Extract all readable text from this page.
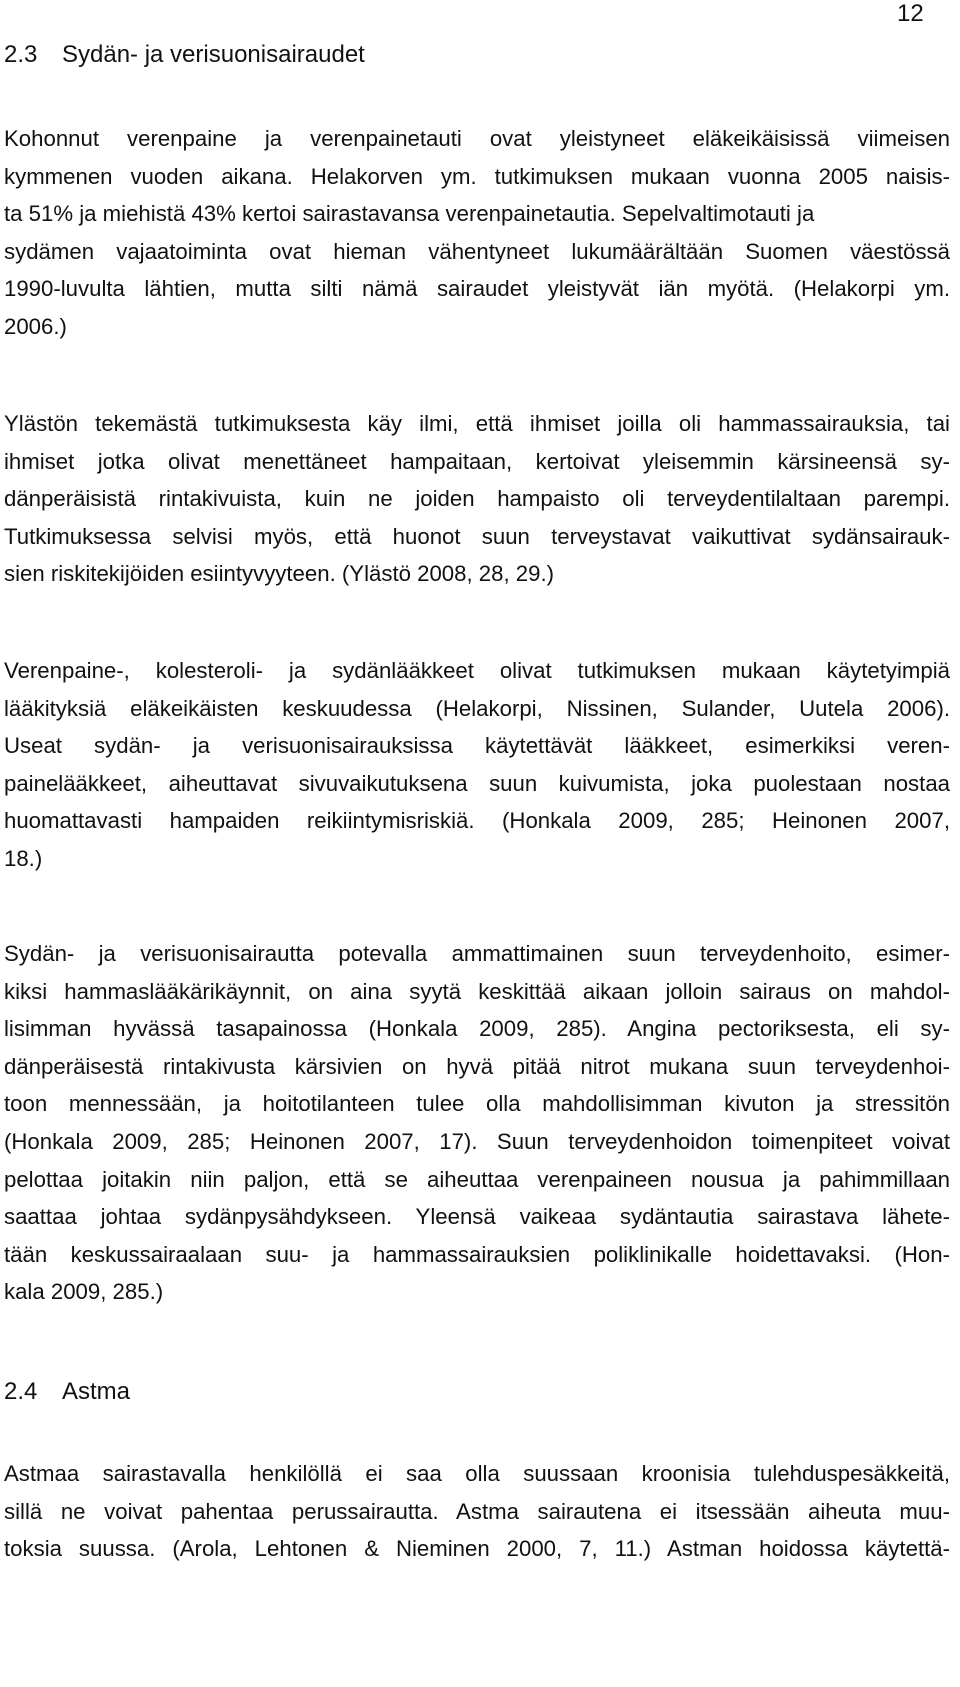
12
2.3 Sydän- ja verisuonisairaudet
Kohonnut verenpaine ja verenpainetauti ovat yleistyneet eläkeikäisissä viimeisen
kymmenen vuoden aikana. Helakorven ym. tutkimuksen mukaan vuonna 2005 naisis-
ta 51% ja miehistä 43% kertoi sairastavansa verenpainetautia. Sepelvaltimotauti ja
sydämen vajaatoiminta ovat hieman vähentyneet lukumäärältään Suomen väestössä
1990-luvulta lähtien, mutta silti nämä sairaudet yleistyvät iän myötä. (Helakorpi ym.
2006.)
Ylästön tekemästä tutkimuksesta käy ilmi, että ihmiset joilla oli hammassairauksia, tai
ihmiset jotka olivat menettäneet hampaitaan, kertoivat yleisemmin kärsineensä sy-
dänperäisistä rintakivuista, kuin ne joiden hampaisto oli terveydentilaltaan parempi.
Tutkimuksessa selvisi myös, että huonot suun terveystavat vaikuttivat sydänsairauk-
sien riskitekijöiden esiintyvyyteen. (Ylästö 2008, 28, 29.)
Verenpaine-, kolesteroli- ja sydänlääkkeet olivat tutkimuksen mukaan käytetyimpiä
lääkityksiä eläkeikäisten keskuudessa (Helakorpi, Nissinen, Sulander, Uutela 2006).
Useat sydän- ja verisuonisairauksissa käytettävät lääkkeet, esimerkiksi veren-
painelääkkeet, aiheuttavat sivuvaikutuksena suun kuivumista, joka puolestaan nostaa
huomattavasti hampaiden reikiintymisriskiä. (Honkala 2009, 285; Heinonen 2007,
18.)
Sydän- ja verisuonisairautta potevalla ammattimainen suun terveydenhoito, esimer-
kiksi hammaslääkärikäynnit, on aina syytä keskittää aikaan jolloin sairaus on mahdol-
lisimman hyvässä tasapainossa (Honkala 2009, 285). Angina pectoriksesta, eli sy-
dänperäisestä rintakivusta kärsivien on hyvä pitää nitrot mukana suun terveydenhoi-
toon mennessään, ja hoitotilanteen tulee olla mahdollisimman kivuton ja stressitön
(Honkala 2009, 285; Heinonen 2007, 17). Suun terveydenhoidon toimenpiteet voivat
pelottaa joitakin niin paljon, että se aiheuttaa verenpaineen nousua ja pahimmillaan
saattaa johtaa sydänpysähdykseen. Yleensä vaikeaa sydäntautia sairastava lähete-
tään keskussairaalaan suu- ja hammassairauksien poliklinikalle hoidettavaksi. (Hon-
kala 2009, 285.)
2.4 Astma
Astmaa sairastavalla henkilöllä ei saa olla suussaan kroonisia tulehduspesäkkeitä,
sillä ne voivat pahentaa perussairautta. Astma sairautena ei itsessään aiheuta muu-
toksia suussa. (Arola, Lehtonen & Nieminen 2000, 7, 11.) Astman hoidossa käytettä-
